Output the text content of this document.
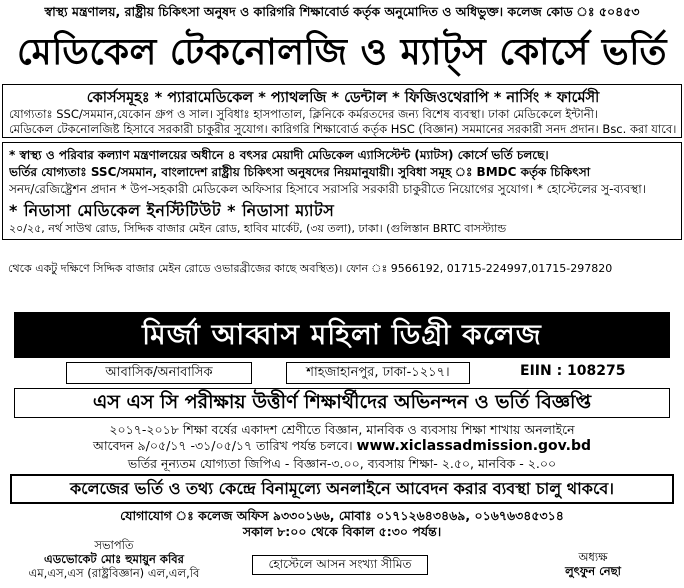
স্বাস্থ্য মন্ত্রণালয়, রাষ্ট্রীয় চিকিৎসা অনুষদ ও কারিগরি শিক্ষাবোর্ড কর্তৃক অনুমোদিত ও অধিভুক্ত। কলেজ কোড ঃ ৫০৪৫৩
মেডিকেল টেকনোলজি ও ম্যাট্স কোর্সে ভর্তি
কোর্সসমূহঃ * প্যারামেডিকেল * প্যাথলজি * ডেন্টাল * ফিজিওথেরাপি * নার্সিং * ফার্মেসী
যোগ্যতাঃ SSC/সমমান,যেকোন গ্রুপ ও সাল। সুবিধাঃ হাসপাতাল, ক্লিনিকে কর্মরতদের জন্য বিশেষ ব্যবস্থা। ঢাকা মেডিকেলে ইন্টানী।
মেডিকেল টেকনোলজিষ্ট হিসাবে সরকারী চাকুরীর সুযোগ। কারিগরি শিক্ষাবোর্ড কর্তৃক HSC (বিজ্ঞান) সমমানের সরকারী সনদ প্রদান। Bsc. করা যাবে।
* স্বাস্থ্য ও পরিবার কল্যাণ মন্ত্রণালয়ের অধীনে ৪ বৎসর মেয়াদী মেডিকেল এ্যাসিস্টেন্ট (ম্যাটস) কোর্সে ভর্তি চলছে।
ভর্তির যোগ্যতাঃ SSC/সমমান, বাংলাদেশ রাষ্ট্রীয় চিকিৎসা অনুষদের নিয়মানুযায়ী। সুবিধা সমূহ ঃ BMDC কর্তৃক চিকিৎসা
সনদ/রেজিষ্ট্রেশন প্রদান * উপ-সহকারী মেডিকেল অফিসার হিসাবে সরাসরি সরকারী চাকুরীতে নিয়োগের সুযোগ। * হোস্টেলের সু-ব্যবস্থা।
* নিডাসা মেডিকেল ইনস্টিটিউট * নিডাসা ম্যাটস
২০/২৫, নর্থ সাউথ রোড, সিদ্দিক বাজার মেইন রোড, হাবিব মার্কেট, (৩য় তলা), ঢাকা। (গুলিস্তান BRTC বাসস্ট্যান্ড
থেকে একটু দক্ষিণে সিদ্দিক বাজার মেইন রোডে ওভারব্রীজের কাছে অবস্থিত)। ফোন ঃ 9566192, 01715-224997,01715-297820
মির্জা আব্বাস মহিলা ডিগ্রী কলেজ
আবাসিক/অনাবাসিক	শাহজাহানপুর, ঢাকা-১২১৭।	EIIN : 108275
এস এস সি পরীক্ষায় উত্তীর্ণ শিক্ষার্থীদের অভিনন্দন ও ভর্তি বিজ্ঞপ্তি
২০১৭-২০১৮ শিক্ষা বর্ষের একাদশ শ্রেণীতে বিজ্ঞান, মানবিক ও ব্যবসায় শিক্ষা শাখায় অনলাইনে
আবেদন ৯/০৫/১৭ -৩১/০৫/১৭ তারিখ পর্যন্ত চলবে। www.xiclassadmission.gov.bd
ভর্তির নূন্যতম যোগ্যতা জিপিএ - বিজ্ঞান-৩.০০, ব্যবসায় শিক্ষা- ২.৫০, মানবিক - ২.০০
কলেজের ভর্তি ও তথ্য কেন্দ্রে বিনামূল্যে অনলাইনে আবেদন করার ব্যবস্থা চালু থাকবে।
যোগাযোগ ঃ কলেজ অফিস ৯৩৩০১৬৬, মোবাঃ ০১৭১২৬৪৩৪৬৯, ০১৬৭৬৩৪৫৩১৪
সকাল ৮:০০ থেকে বিকাল ৫:৩০ পর্যন্ত।
সভাপতি
এডভোকেট মোঃ হুমায়ুন কবির
এম,এস,এস (রাষ্ট্রবিজ্ঞান) এল,এল,বি
হোস্টেলে আসন সংখ্যা সীমিত	অধ্যক্ষ
লুৎফুন নেছা
